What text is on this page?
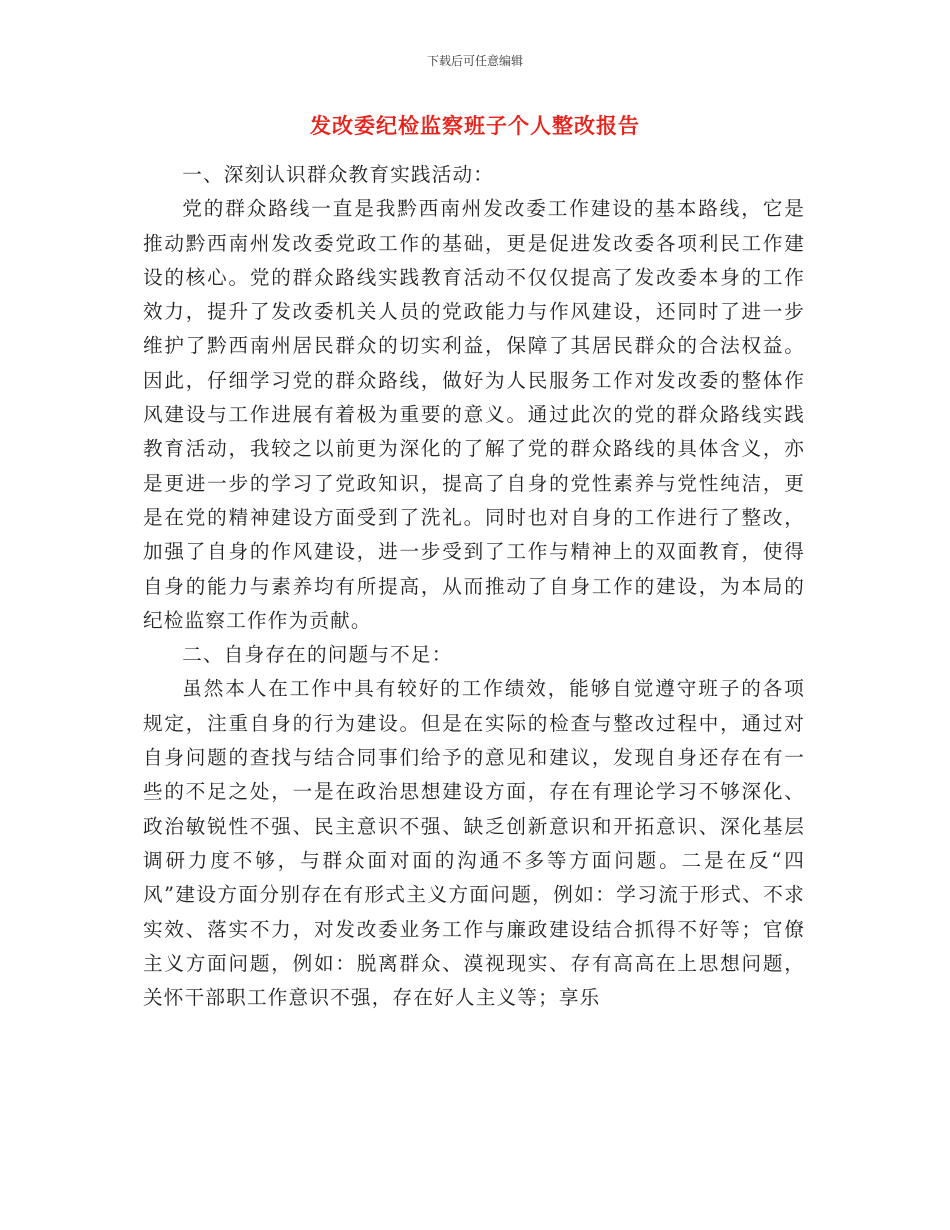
下载后可任意编辑
发改委纪检监察班子个人整改报告

一、深刻认识群众教育实践活动：

党的群众路线一直是我黔西南州发改委工作建设的基本路线，它是推动黔西南州发改委党政工作的基础，更是促进发改委各项利民工作建设的核心。党的群众路线实践教育活动不仅仅提高了发改委本身的工作效力，提升了发改委机关人员的党政能力与作风建设，还同时了进一步维护了黔西南州居民群众的切实利益，保障了其居民群众的合法权益。因此，仔细学习党的群众路线，做好为人民服务工作对发改委的整体作风建设与工作进展有着极为重要的意义。通过此次的党的群众路线实践教育活动，我较之以前更为深化的了解了党的群众路线的具体含义，亦是更进一步的学习了党政知识，提高了自身的党性素养与党性纯洁，更是在党的精神建设方面受到了洗礼。同时也对自身的工作进行了整改，加强了自身的作风建设，进一步受到了工作与精神上的双面教育，使得自身的能力与素养均有所提高，从而推动了自身工作的建设，为本局的纪检监察工作作为贡献。

二、自身存在的问题与不足：

虽然本人在工作中具有较好的工作绩效，能够自觉遵守班子的各项规定，注重自身的行为建设。但是在实际的检查与整改过程中，通过对自身问题的查找与结合同事们给予的意见和建议，发现自身还存在有一些的不足之处，一是在政治思想建设方面，存在有理论学习不够深化、政治敏锐性不强、民主意识不强、缺乏创新意识和开拓意识、深化基层调研力度不够，与群众面对面的沟通不多等方面问题。二是在反“四风”建设方面分别存在有形式主义方面问题，例如：学习流于形式、不求实效、落实不力，对发改委业务工作与廉政建设结合抓得不好等；官僚主义方面问题，例如：脱离群众、漠视现实、存有高高在上思想问题，关怀干部职工作意识不强，存在好人主义等；享乐
